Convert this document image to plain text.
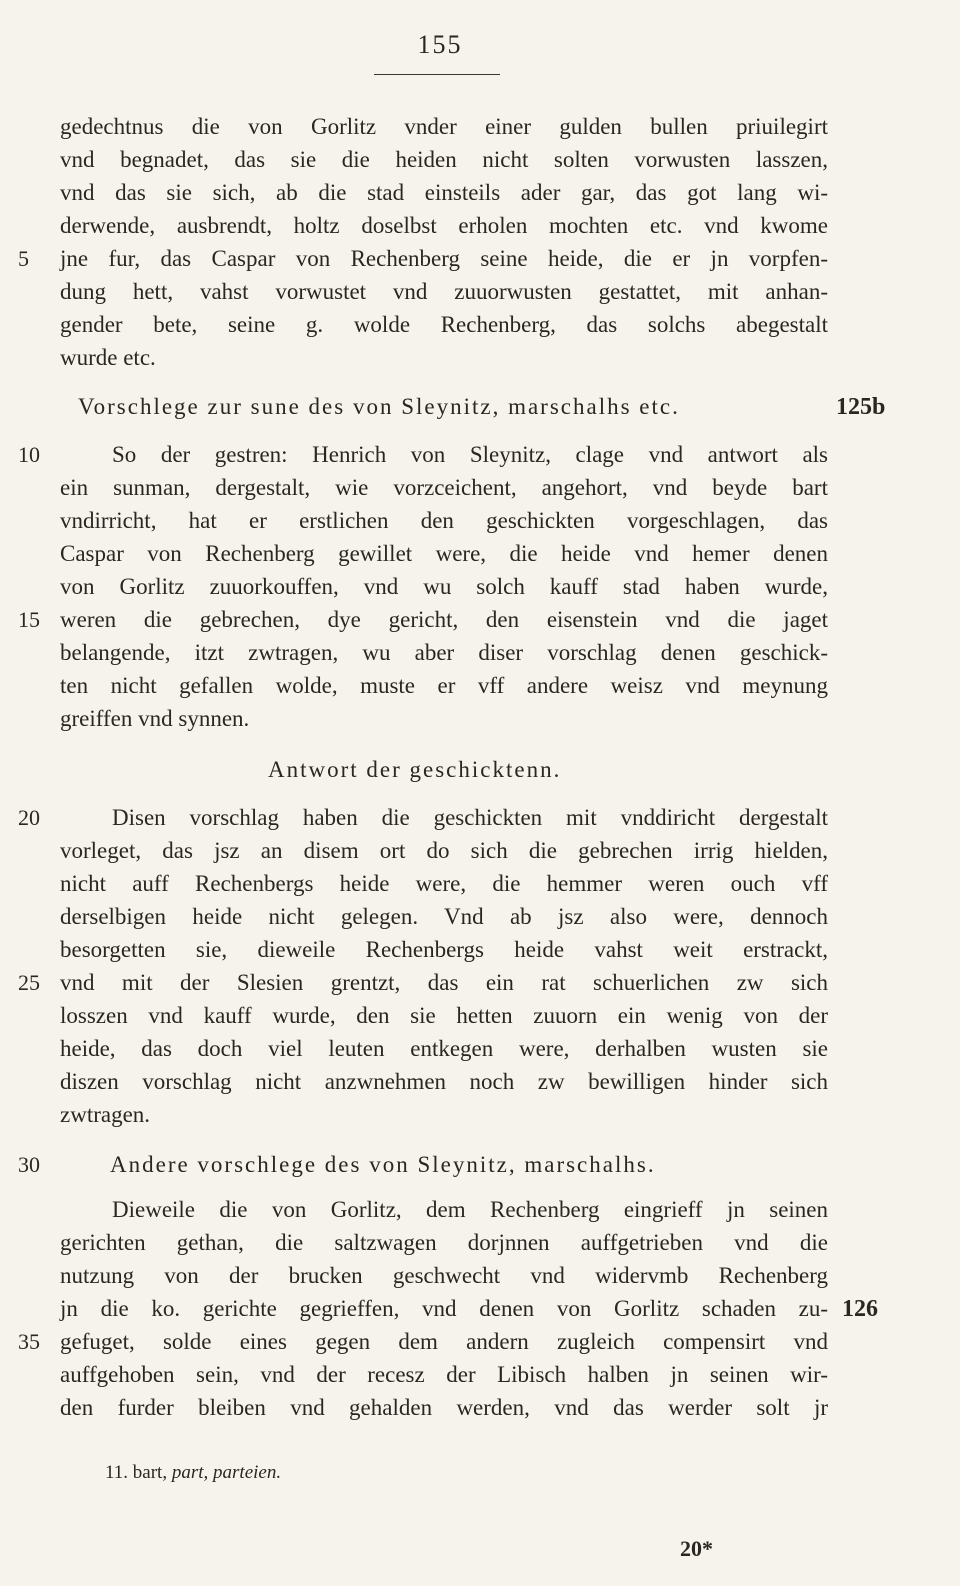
155
gedechtnus die von Gorlitz vnder einer gulden bullen priuilegirt
vnd begnadet, das sie die heiden nicht solten vorwusten lasszen,
vnd das sie sich, ab die stad einsteils ader gar, das got lang wi-
derwende, ausbrendt, holtz doselbst erholen mochten etc. vnd kwome
jne fur, das Caspar von Rechenberg seine heide, die er jn vorpfen-
dung hett, vahst vorwustet vnd zuuorwusten gestattet, mit anhan-
gender bete, seine g. wolde Rechenberg, das solchs abegestalt
wurde etc.
Vorschlege zur sune des von Sleynitz, marschalhs etc.	125b
So der gestren: Henrich von Sleynitz, clage vnd antwort als
ein sunman, dergestalt, wie vorzceichent, angehort, vnd beyde bart
vndirricht, hat er erstlichen den geschickten vorgeschlagen, das
Caspar von Rechenberg gewillet were, die heide vnd hemer denen
von Gorlitz zuuorkouffen, vnd wu solch kauff stad haben wurde,
weren die gebrechen, dye gericht, den eisenstein vnd die jaget
belangende, itzt zwtragen, wu aber diser vorschlag denen geschick-
ten nicht gefallen wolde, muste er vff andere weisz vnd meynung
greiffen vnd synnen.
Antwort der geschicktenn.
Disen vorschlag haben die geschickten mit vnddiricht dergestalt
vorleget, das jsz an disem ort do sich die gebrechen irrig hielden,
nicht auff Rechenbergs heide were, die hemmer weren ouch vff
derselbigen heide nicht gelegen. Vnd ab jsz also were, dennoch
besorgetten sie, dieweile Rechenbergs heide vahst weit erstrackt,
vnd mit der Slesien grentzt, das ein rat schuerlichen zw sich
losszen vnd kauff wurde, den sie hetten zuuorn ein wenig von der
heide, das doch viel leuten entkegen were, derhalben wusten sie
diszen vorschlag nicht anzwnehmen noch zw bewilligen hinder sich
zwtragen.
Andere vorschlege des von Sleynitz, marschalhs.
Dieweile die von Gorlitz, dem Rechenberg eingrieff jn seinen
gerichten gethan, die saltzwagen dorjnnen auffgetrieben vnd die
nutzung von der brucken geschwecht vnd widervmb Rechenberg
jn die ko. gerichte gegrieffen, vnd denen von Gorlitz schaden zu-
gefuget, solde eines gegen dem andern zugleich compensirt vnd
auffgehoben sein, vnd der recesz der Libisch halben jn seinen wir-
den furder bleiben vnd gehalden werden, vnd das werder solt jr
126
5
10
15
20
25
30
35
11. bart, part, parteien.
20*
